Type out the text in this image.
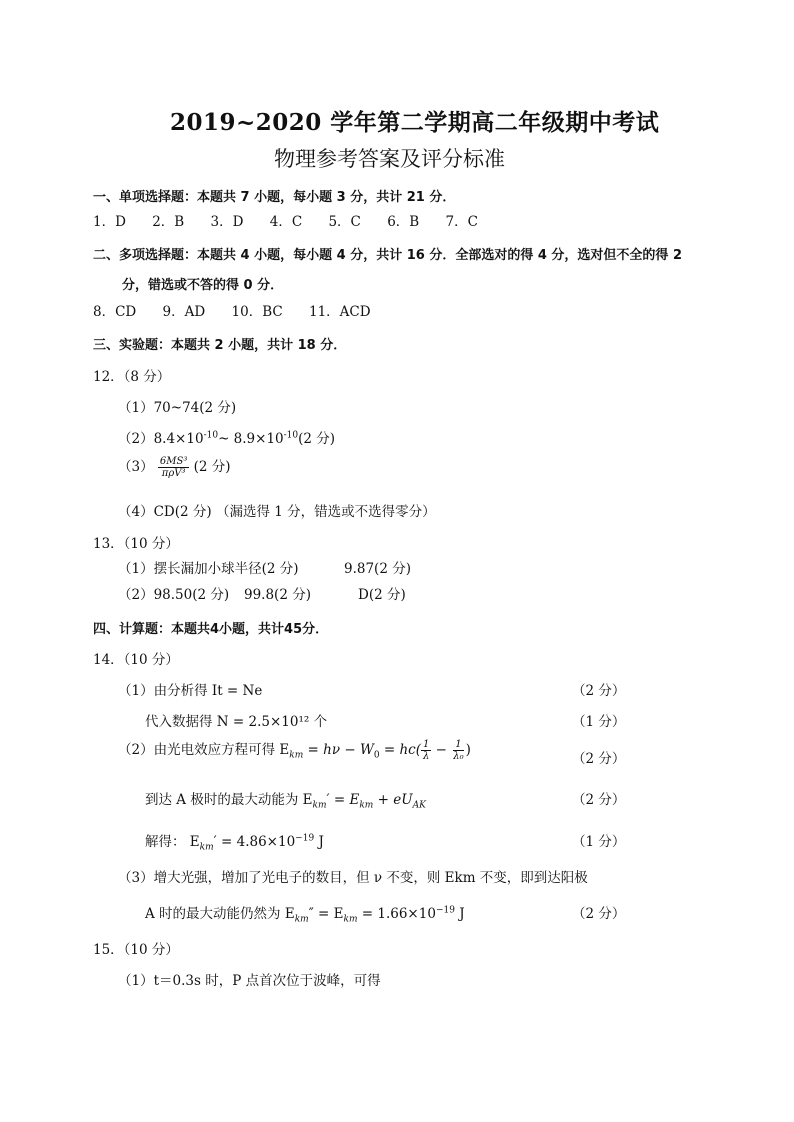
2019~2020 学年第二学期高二年级期中考试
物理参考答案及评分标准
一、单项选择题：本题共 7 小题，每小题 3 分，共计 21 分．
1．D 2．B 3．D 4．C 5．C 6．B 7．C
二、多项选择题：本题共 4 小题，每小题 4 分，共计 16 分．全部选对的得 4 分，选对但不全的得 2
分，错选或不答的得 0 分．
8．CD 9．AD 10．BC 11．ACD
三、实验题：本题共 2 小题，共计 18 分．
12．（8 分）
（1）70~74(2 分)
$(2)8.4\times 10^{-10}\sim$ $8.9\times 10^{-10}(2$ 分)
$(3) \frac{\text{6MS³}}{\text{πρV³}} (2$ 分)
（4）CD(2 分) （漏选得 1 分，错选或不选得零分）
13．（10 分）
（1）摆长漏加小球半径(2 分)	9.87(2 分)
（2）98.50(2 分) 99.8(2 分)	D(2 分)
四、计算题：本题共4小题，共计45分．
14．（10 分）
（1）由分析得 It = Ne	（2 分）
代入数据得 N = 2.5×10¹² 个	（1 分）
（2）由光电效应方程可得 $E_{km} = h\nu - W_0 = hc( \frac{1}{\lambda} - \frac{1}{\text{λ₀}}$ )
（2 分）
到达 A 极时的最大动能为 $E_{km}' = E_{km} + eU_{AK}$	（2 分）
解得： $E_{km}' = 4.86\times 10^{-19}$ J	（1 分）
（3）增大光强，增加了光电子的数目，但 ν 不变，则 Ekm 不变，即到达阳极
A 时的最大动能仍然为 $E_{km}'' = E_{km} = 1.66\times 10^{-19}$ J	（2 分）
15．（10 分）
（1）t＝0.3s 时，P 点首次位于波峰，可得
